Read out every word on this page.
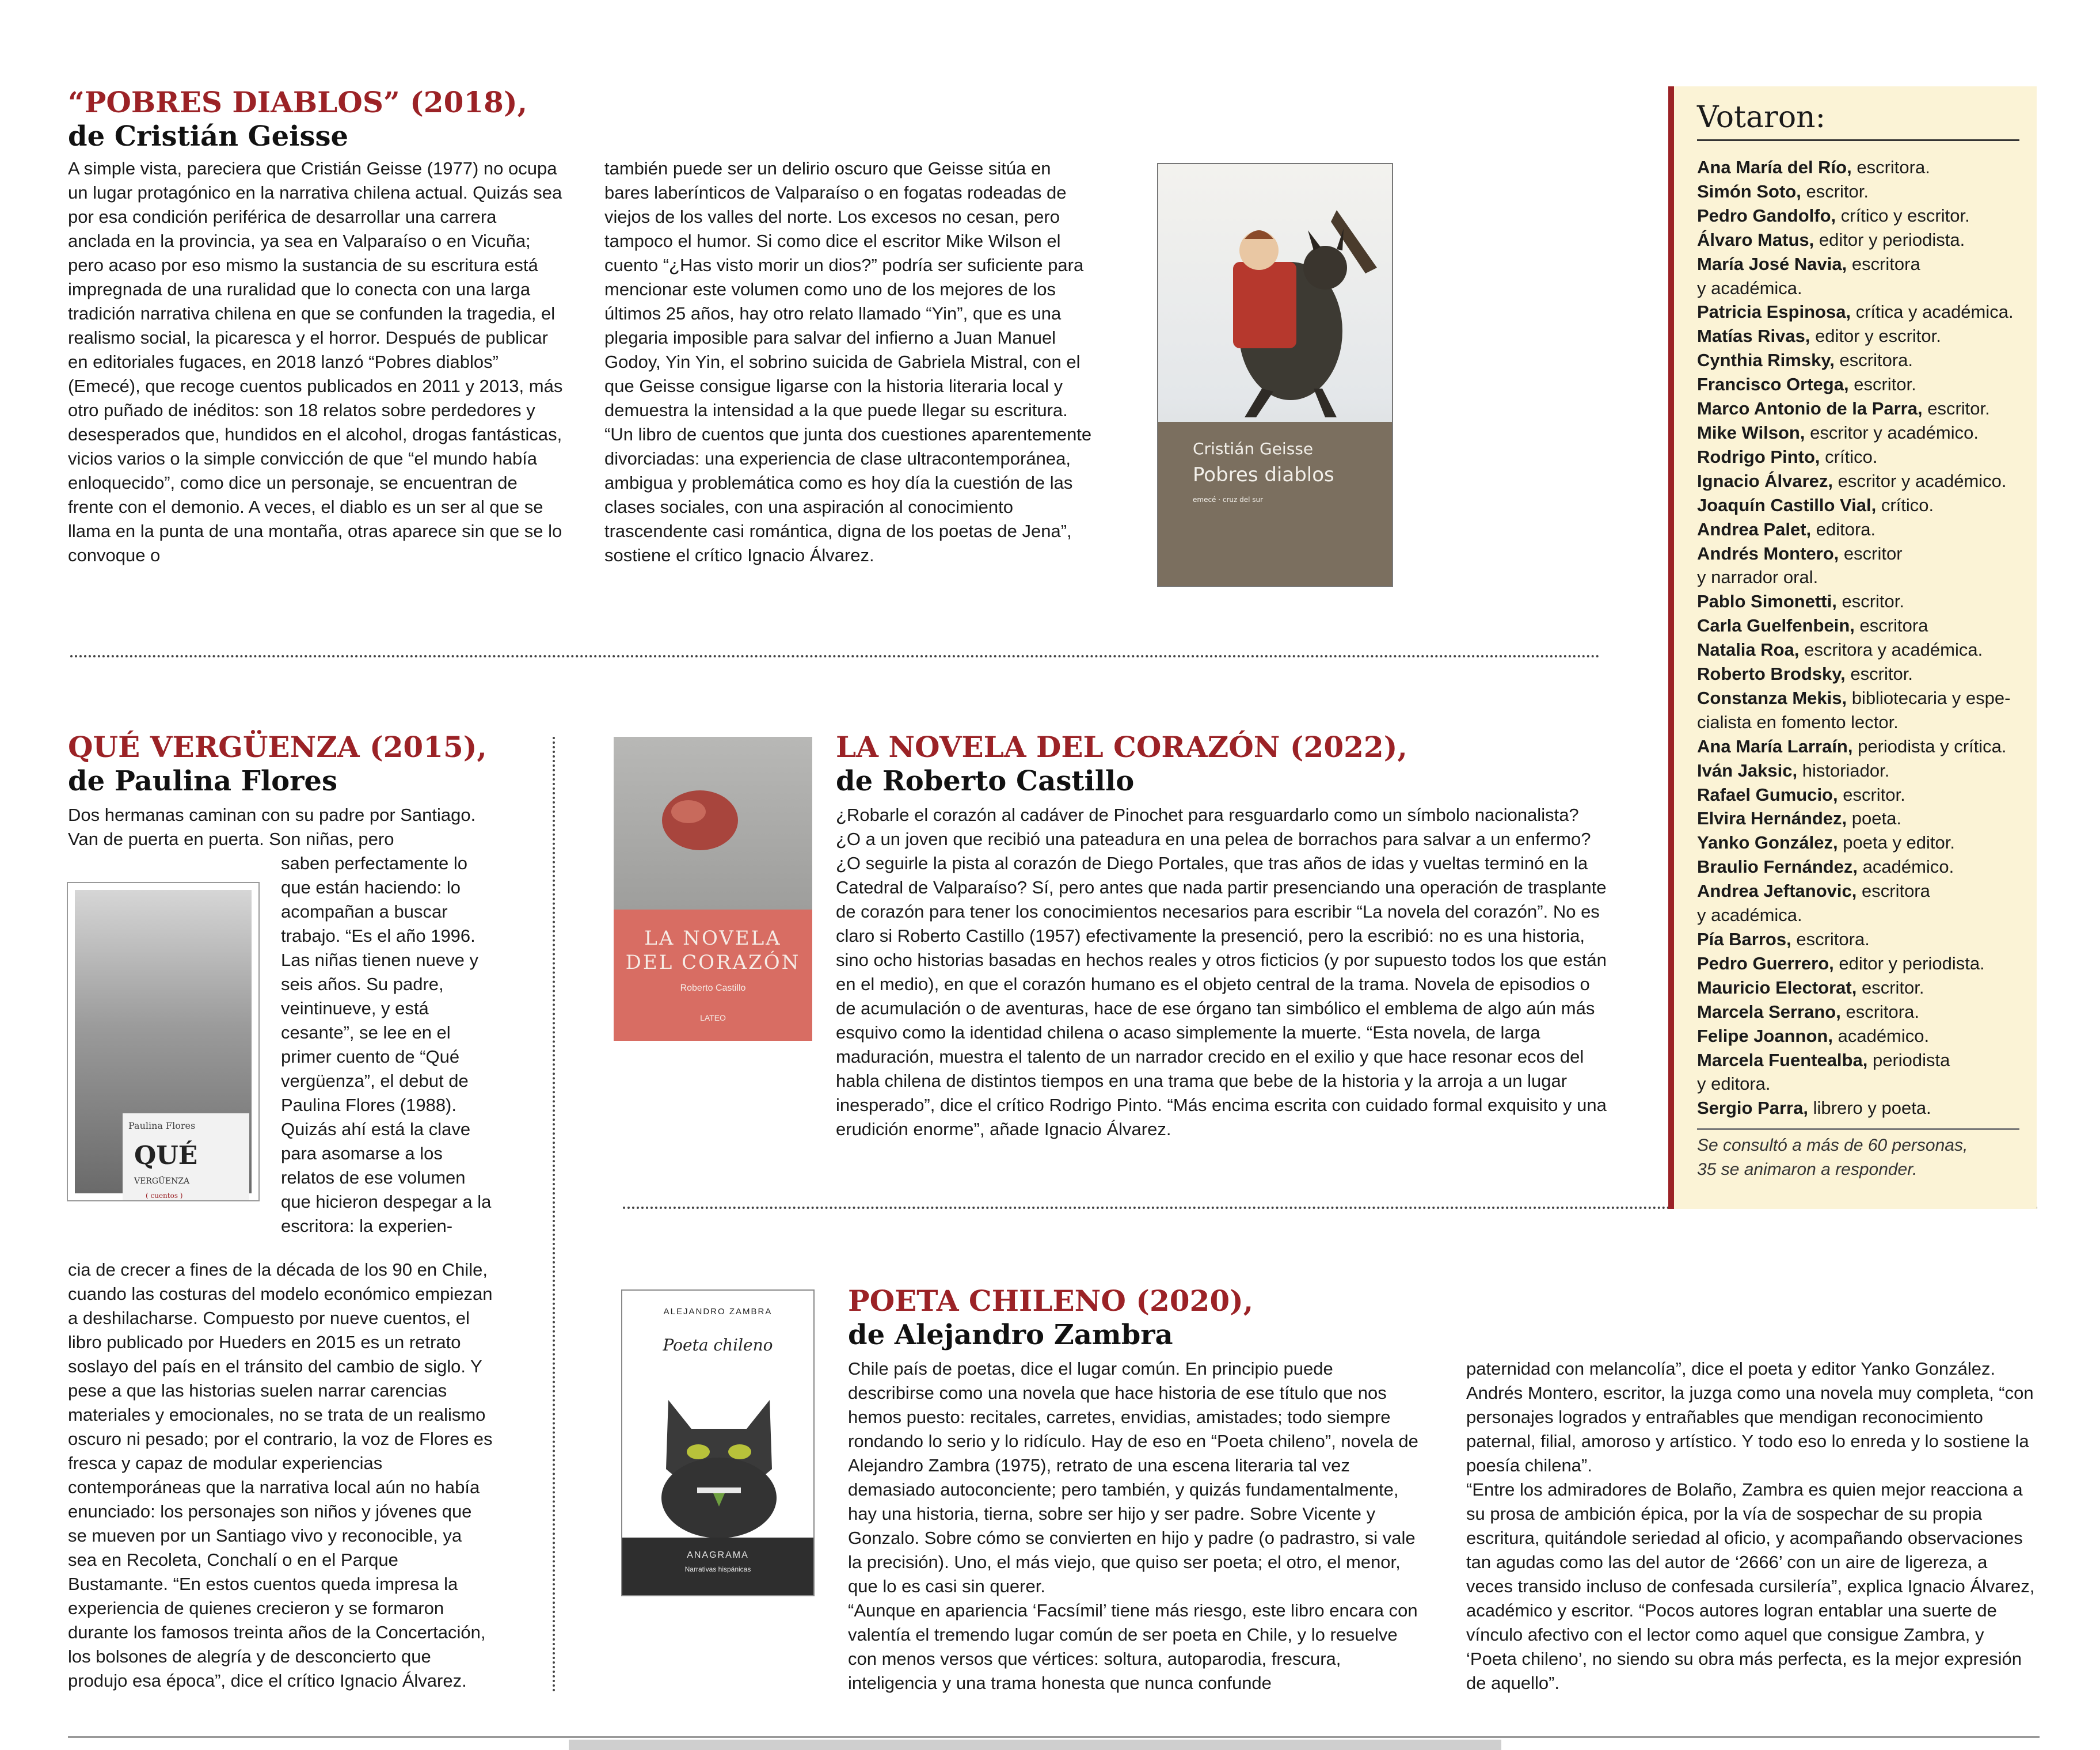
“POBRES DIABLOS” (2018),
de Cristián Geisse

A simple vista, pareciera que Cristián Geisse (1977) no ocupa un lugar protagónico en la narrativa chilena actual. Quizás sea por esa condición periférica de desarrollar una carrera anclada en la provincia, ya sea en Valparaíso o en Vicuña; pero acaso por eso mismo la sustancia de su escritura está impregnada de una ruralidad que lo conecta con una larga tradición narrativa chilena en que se confunden la tragedia, el realismo social, la picaresca y el horror. Después de publicar en editoriales fugaces, en 2018 lanzó “Pobres diablos” (Emecé), que recoge cuentos publicados en 2011 y 2013, más otro puñado de inéditos: son 18 relatos sobre perdedores y desesperados que, hundidos en el alcohol, drogas fantásticas, vicios varios o la simple convicción de que “el mundo había enloquecido”, como dice un personaje, se encuentran de frente con el demonio. A veces, el diablo es un ser al que se llama en la punta de una montaña, otras aparece sin que se lo convoque o

también puede ser un delirio oscuro que Geisse sitúa en bares laberínticos de Valparaíso o en fogatas rodeadas de viejos de los valles del norte. Los excesos no cesan, pero tampoco el humor. Si como dice el escritor Mike Wilson el cuento “¿Has visto morir un dios?” podría ser suficiente para mencionar este volumen como uno de los mejores de los últimos 25 años, hay otro relato llamado “Yin”, que es una plegaria imposible para salvar del infierno a Juan Manuel Godoy, Yin Yin, el sobrino suicida de Gabriela Mistral, con el que Geisse consigue ligarse con la historia literaria local y demuestra la intensidad a la que puede llegar su escritura. “Un libro de cuentos que junta dos cuestiones aparentemente divorciadas: una experiencia de clase ultracontemporánea, ambigua y problemática como es hoy día la cuestión de las clases sociales, con una aspiración al conocimiento trascendente casi romántica, digna de los poetas de Jena”, sostiene el crítico Ignacio Álvarez.

Cristián Geisse
Pobres diablos
emecé · cruz del sur
QUÉ VERGÜENZA (2015),
de Paulina Flores

Dos hermanas caminan con su padre por Santiago. Van de puerta en puerta. Son niñas, pero

Paulina Flores
QUÉ
VERGÜENZA
( cuentos )

saben perfectamente lo que están haciendo: lo acompañan a buscar trabajo. “Es el año 1996. Las niñas tienen nueve y seis años. Su padre, veintinueve, y está cesante”, se lee en el primer cuento de “Qué vergüenza”, el debut de Paulina Flores (1988). Quizás ahí está la clave para asomarse a los relatos de ese volumen que hicieron despegar a la escritora: la experien-

cia de crecer a fines de la década de los 90 en Chile, cuando las costuras del modelo económico empiezan a deshilacharse. Compuesto por nueve cuentos, el libro publicado por Hueders en 2015 es un retrato soslayo del país en el tránsito del cambio de siglo. Y pese a que las historias suelen narrar carencias materiales y emocionales, no se trata de un realismo oscuro ni pesado; por el contrario, la voz de Flores es fresca y capaz de modular experiencias contemporáneas que la narrativa local aún no había enunciado: los personajes son niños y jóvenes que se mueven por un Santiago vivo y reconocible, ya sea en Recoleta, Conchalí o en el Parque Bustamante. “En estos cuentos queda impresa la experiencia de quienes crecieron y se formaron durante los famosos treinta años de la Concertación, los bolsones de alegría y de desconcierto que produjo esa época”, dice el crítico Ignacio Álvarez.

LA NOVELA
DEL CORAZÓN
Roberto Castillo
LATEO
LA NOVELA DEL CORAZÓN (2022),
de Roberto Castillo

¿Robarle el corazón al cadáver de Pinochet para resguardarlo como un símbolo nacionalista? ¿O a un joven que recibió una pateadura en una pelea de borrachos para salvar a un enfermo? ¿O seguirle la pista al corazón de Diego Portales, que tras años de idas y vueltas terminó en la Catedral de Valparaíso? Sí, pero antes que nada partir presenciando una operación de trasplante de corazón para tener los conocimientos necesarios para escribir “La novela del corazón”. No es claro si Roberto Castillo (1957) efectivamente la presenció, pero la escribió: no es una historia, sino ocho historias basadas en hechos reales y otros ficticios (y por supuesto todos los que están en el medio), en que el corazón humano es el objeto central de la trama. Novela de episodios o de acumulación o de aventuras, hace de ese órgano tan simbólico el emblema de algo aún más esquivo como la identidad chilena o acaso simplemente la muerte. “Esta novela, de larga maduración, muestra el talento de un narrador crecido en el exilio y que hace resonar ecos del habla chilena de distintos tiempos en una trama que bebe de la historia y la arroja a un lugar inesperado”, dice el crítico Rodrigo Pinto. “Más encima escrita con cuidado formal exquisito y una erudición enorme”, añade Ignacio Álvarez.

ALEJANDRO ZAMBRA
Poeta chileno
ANAGRAMA
Narrativas hispánicas
POETA CHILENO (2020),
de Alejandro Zambra

Chile país de poetas, dice el lugar común. En principio puede describirse como una novela que hace historia de ese título que nos hemos puesto: recitales, carretes, envidias, amistades; todo siempre rondando lo serio y lo ridículo. Hay de eso en “Poeta chileno”, novela de Alejandro Zambra (1975), retrato de una escena literaria tal vez demasiado autoconciente; pero también, y quizás fundamentalmente, hay una historia, tierna, sobre ser hijo y ser padre. Sobre Vicente y Gonzalo. Sobre cómo se convierten en hijo y padre (o padrastro, si vale la precisión). Uno, el más viejo, que quiso ser poeta; el otro, el menor, que lo es casi sin querer.

“Aunque en apariencia ‘Facsímil’ tiene más riesgo, este libro encara con valentía el tremendo lugar común de ser poeta en Chile, y lo resuelve con menos versos que vértices: soltura, autoparodia, frescura, inteligencia y una trama honesta que nunca confunde

paternidad con melancolía”, dice el poeta y editor Yanko González. Andrés Montero, escritor, la juzga como una novela muy completa, “con personajes logrados y entrañables que mendigan reconocimiento paternal, filial, amoroso y artístico. Y todo eso lo enreda y lo sostiene la poesía chilena”.

“Entre los admiradores de Bolaño, Zambra es quien mejor reacciona a su prosa de ambición épica, por la vía de sospechar de su propia escritura, quitándole seriedad al oficio, y acompañando observaciones tan agudas como las del autor de ‘2666’ con un aire de ligereza, a veces transido incluso de confesada cursilería”, explica Ignacio Álvarez, académico y escritor. “Pocos autores logran entablar una suerte de vínculo afectivo con el lector como aquel que consigue Zambra, y ‘Poeta chileno’, no siendo su obra más perfecta, es la mejor expresión de aquello”.

Votaron:
Ana María del Río, escritora.
Simón Soto, escritor.
Pedro Gandolfo, crítico y escritor.
Álvaro Matus, editor y periodista.
María José Navia, escritora
y académica.
Patricia Espinosa, crítica y académica.
Matías Rivas, editor y escritor.
Cynthia Rimsky, escritora.
Francisco Ortega, escritor.
Marco Antonio de la Parra, escritor.
Mike Wilson, escritor y académico.
Rodrigo Pinto, crítico.
Ignacio Álvarez, escritor y académico.
Joaquín Castillo Vial, crítico.
Andrea Palet, editora.
Andrés Montero, escritor
y narrador oral.
Pablo Simonetti, escritor.
Carla Guelfenbein, escritora
Natalia Roa, escritora y académica.
Roberto Brodsky, escritor.
Constanza Mekis, bibliotecaria y espe-
cialista en fomento lector.
Ana María Larraín, periodista y crítica.
Iván Jaksic, historiador.
Rafael Gumucio, escritor.
Elvira Hernández, poeta.
Yanko González, poeta y editor.
Braulio Fernández, académico.
Andrea Jeftanovic, escritora
y académica.
Pía Barros, escritora.
Pedro Guerrero, editor y periodista.
Mauricio Electorat, escritor.
Marcela Serrano, escritora.
Felipe Joannon, académico.
Marcela Fuentealba, periodista
y editora.
Sergio Parra, librero y poeta.
Se consultó a más de 60 personas,
35 se animaron a responder.
